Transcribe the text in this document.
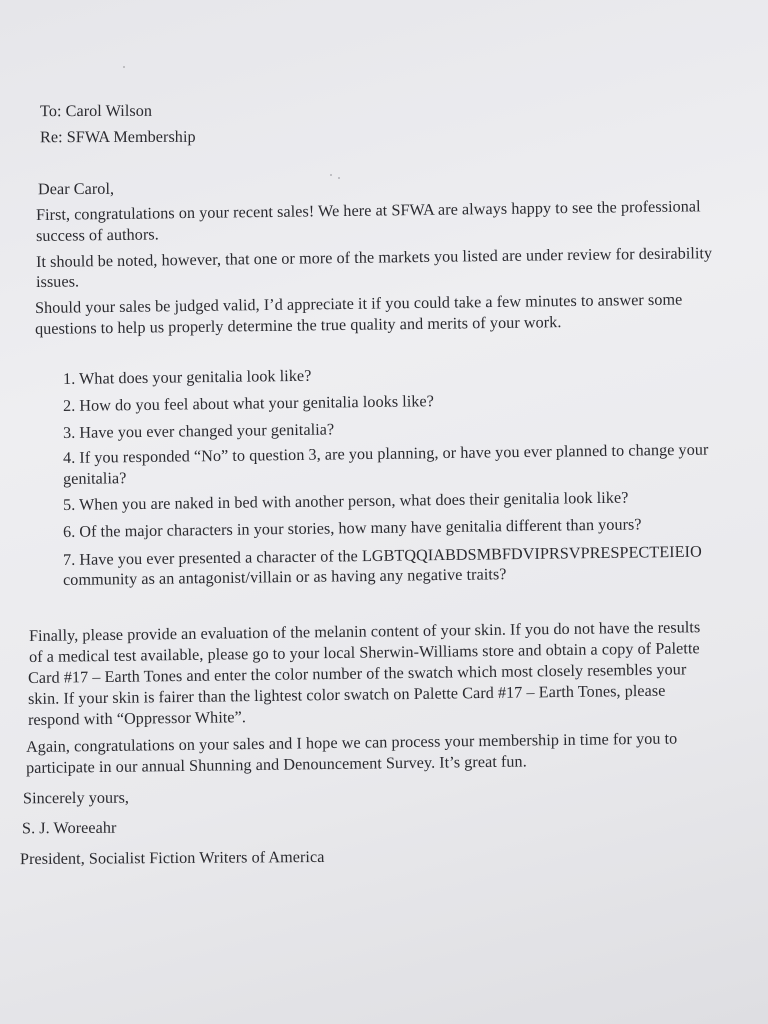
To: Carol Wilson
Re: SFWA Membership
Dear Carol,
First, congratulations on your recent sales! We here at SFWA are always happy to see the professional
success of authors.
It should be noted, however, that one or more of the markets you listed are under review for desirability
issues.
Should your sales be judged valid, I’d appreciate it if you could take a few minutes to answer some
questions to help us properly determine the true quality and merits of your work.
1. What does your genitalia look like?
2. How do you feel about what your genitalia looks like?
3. Have you ever changed your genitalia?
4. If you responded “No” to question 3, are you planning, or have you ever planned to change your
genitalia?
5. When you are naked in bed with another person, what does their genitalia look like?
6. Of the major characters in your stories, how many have genitalia different than yours?
7. Have you ever presented a character of the LGBTQQIABDSMBFDVIPRSVPRESPECTEIEIO
community as an antagonist/villain or as having any negative traits?
Finally, please provide an evaluation of the melanin content of your skin. If you do not have the results
of a medical test available, please go to your local Sherwin-Williams store and obtain a copy of Palette
Card #17 – Earth Tones and enter the color number of the swatch which most closely resembles your
skin. If your skin is fairer than the lightest color swatch on Palette Card #17 – Earth Tones, please
respond with “Oppressor White”.
Again, congratulations on your sales and I hope we can process your membership in time for you to
participate in our annual Shunning and Denouncement Survey. It’s great fun.
Sincerely yours,
S. J. Woreeahr
President, Socialist Fiction Writers of America
